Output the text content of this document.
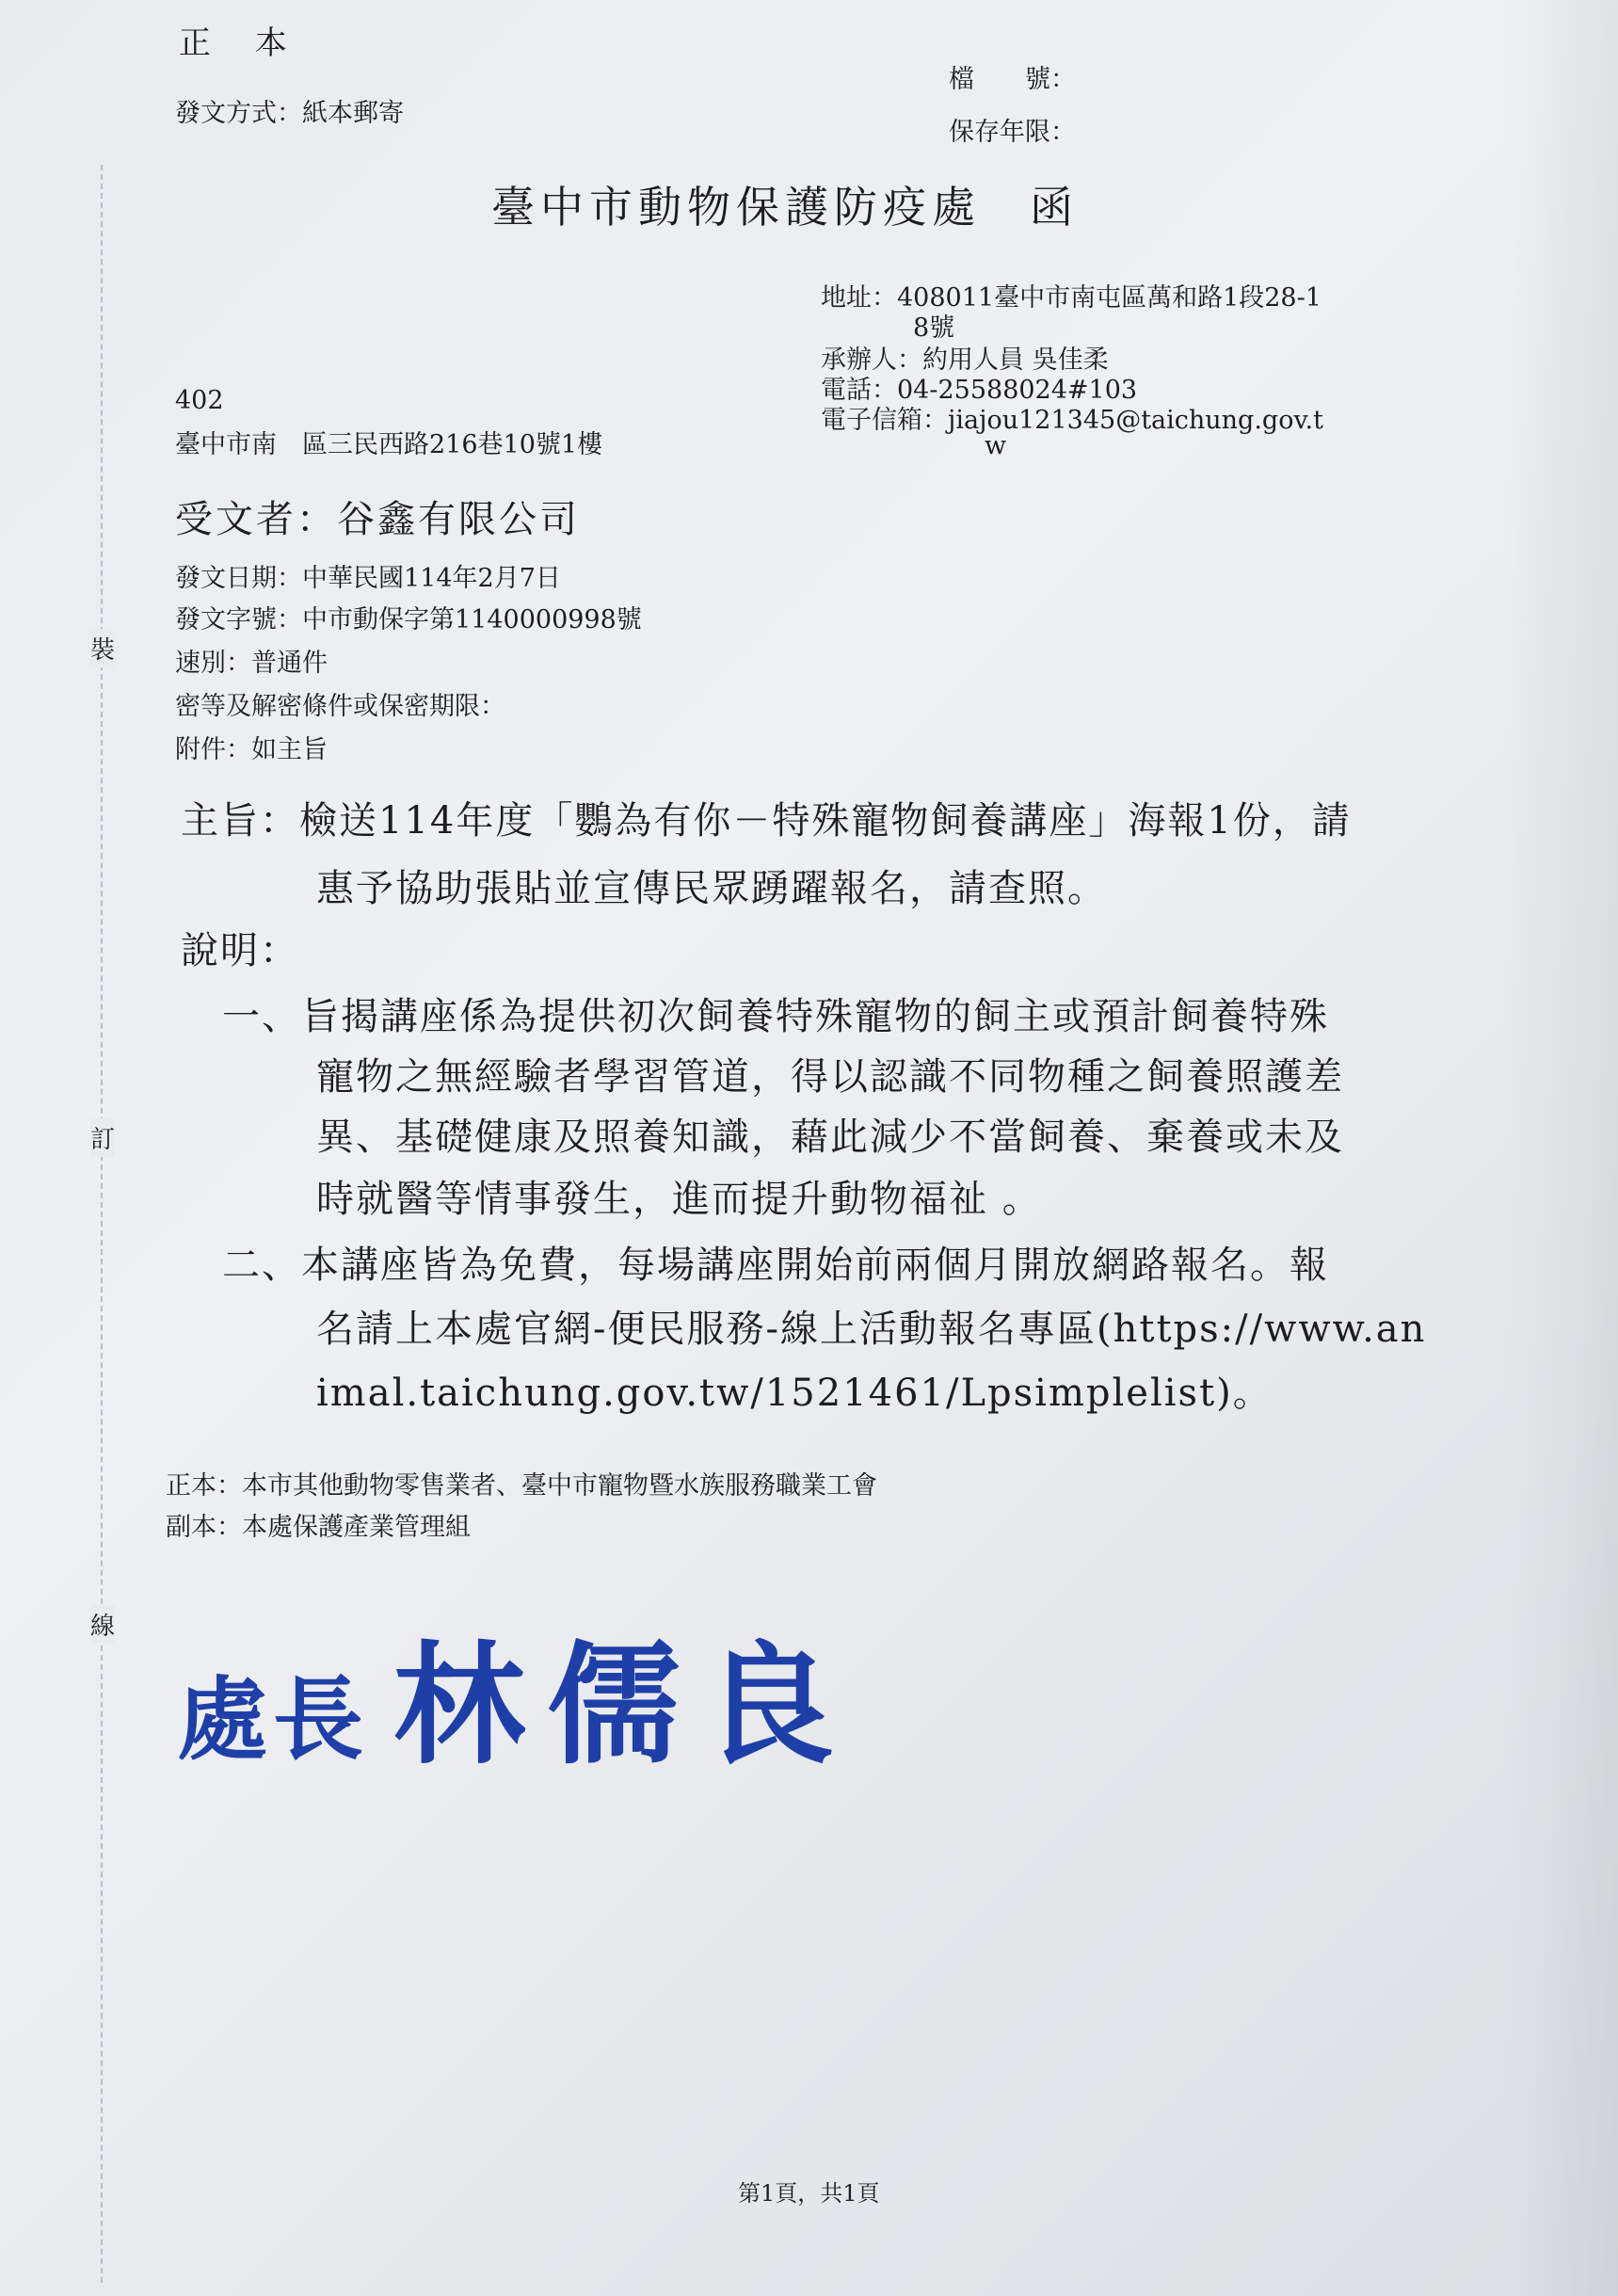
裝
訂
線
正 本
發文方式：紙本郵寄
檔　　號：
保存年限：
臺中市動物保護防疫處　函
地址：408011臺中市南屯區萬和路1段28-1
8號
承辦人：約用人員 吳佳柔
電話：04-25588024#103
電子信箱：jiajou121345@taichung.gov.t
w
402
臺中市南　區三民西路216巷10號1樓
受文者：谷鑫有限公司
發文日期：中華民國114年2月7日
發文字號：中市動保字第1140000998號
速別：普通件
密等及解密條件或保密期限：
附件：如主旨
主旨：檢送114年度「鸚為有你－特殊寵物飼養講座」海報1份，請
惠予協助張貼並宣傳民眾踴躍報名，請查照。
說明：
一、旨揭講座係為提供初次飼養特殊寵物的飼主或預計飼養特殊
寵物之無經驗者學習管道，得以認識不同物種之飼養照護差
異、基礎健康及照養知識，藉此減少不當飼養、棄養或未及
時就醫等情事發生，進而提升動物福祉 。
二、本講座皆為免費，每場講座開始前兩個月開放網路報名。報
名請上本處官網-便民服務-線上活動報名專區(https://www.an
imal.taichung.gov.tw/1521461/Lpsimplelist)。
正本：本市其他動物零售業者、臺中市寵物暨水族服務職業工會
副本：本處保護產業管理組
處長 林儒良
第1頁，共1頁
